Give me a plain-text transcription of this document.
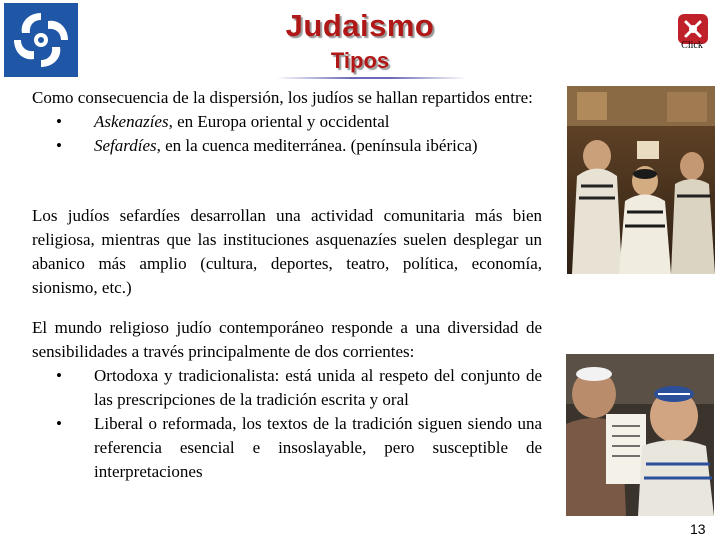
Judaismo
Tipos
Click

Como consecuencia de la dispersión, los judíos se hallan repartidos entre:

• Askenazíes, en Europa oriental y occidental
• Sefardíes, en la cuenca mediterránea. (península ibérica)
Los judíos sefardíes desarrollan una actividad comunitaria más bien religiosa, mientras que las instituciones asquenazíes suelen desplegar un abanico más amplio (cultura, deportes, teatro, política, economía, sionismo, etc.)

El mundo religioso judío contemporáneo responde a una diversidad de sensibilidades a través principalmente de dos corrientes:

• Ortodoxa y tradicionalista: está unida al respeto del conjunto de las prescripciones de la tradición escrita y oral
• Liberal o reformada, los textos de la tradición siguen siendo una referencia esencial e insoslayable, pero susceptible de interpretaciones
13
